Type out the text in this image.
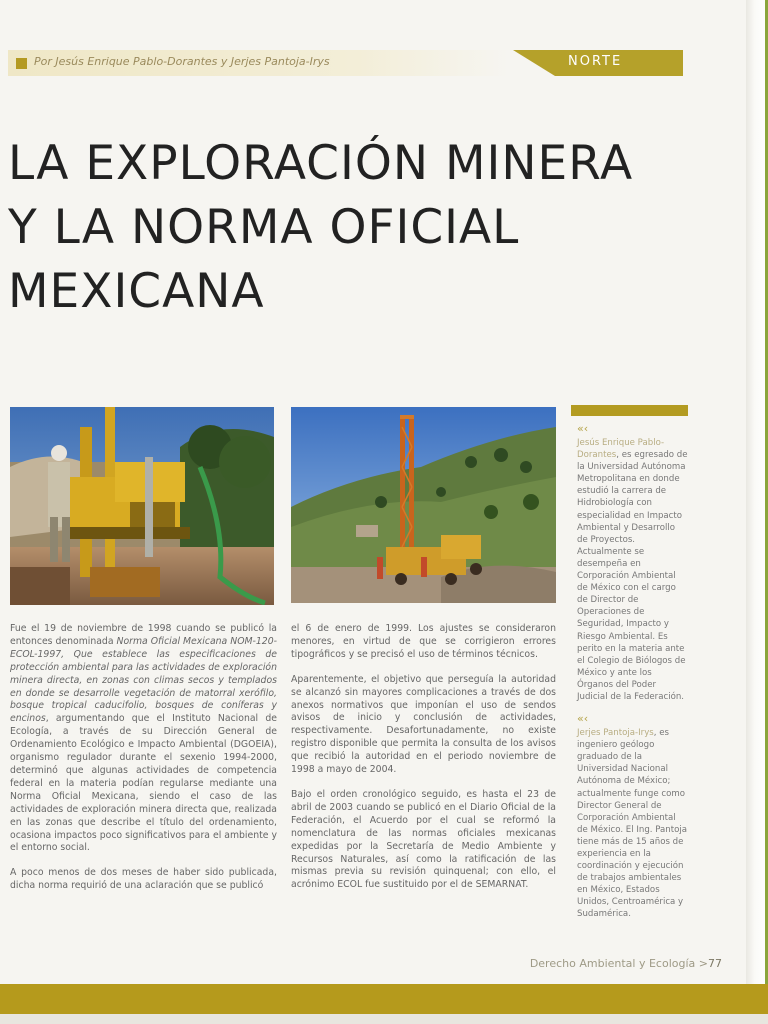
Por Jesús Enrique Pablo-Dorantes y Jerjes Pantoja-Irys	NORTE
LA EXPLORACIÓN MINERA
Y LA NORMA OFICIAL
MEXICANA

Fue el 19 de noviembre de 1998 cuando se publicó la entonces denominada Norma Oficial Mexicana NOM-120-ECOL-1997, Que establece las especificaciones de protección ambiental para las actividades de exploración minera directa, en zonas con climas secos y templados en donde se desarrolle vegetación de matorral xerófilo, bosque tropical caducifolio, bosques de coníferas y encinos, argumentando que el Instituto Nacional de Ecología, a través de su Dirección General de Ordenamiento Ecológico e Impacto Ambiental (DGOEIA), organismo regulador durante el sexenio 1994-2000, determinó que algunas actividades de competencia federal en la materia podían regularse mediante una Norma Oficial Mexicana, siendo el caso de las actividades de exploración minera directa que, realizada en las zonas que describe el título del ordenamiento, ocasiona impactos poco significativos para el ambiente y el entorno social.

A poco menos de dos meses de haber sido publicada, dicha norma requirió de una aclaración que se publicó

el 6 de enero de 1999. Los ajustes se consideraron menores, en virtud de que se corrigieron errores tipográficos y se precisó el uso de términos técnicos.

Aparentemente, el objetivo que perseguía la autoridad se alcanzó sin mayores complicaciones a través de dos anexos normativos que imponían el uso de sendos avisos de inicio y conclusión de actividades, respectivamente. Desafortunadamente, no existe registro disponible que permita la consulta de los avisos que recibió la autoridad en el periodo noviembre de 1998 a mayo de 2004.

Bajo el orden cronológico seguido, es hasta el 23 de abril de 2003 cuando se publicó en el Diario Oficial de la Federación, el Acuerdo por el cual se reformó la nomenclatura de las normas oficiales mexicanas expedidas por la Secretaría de Medio Ambiente y Recursos Naturales, así como la ratificación de las mismas previa su revisión quinquenal; con ello, el acrónimo ECOL fue sustituido por el de SEMARNAT.

«‹

Jesús Enrique Pablo-Dorantes, es egresado de la Universidad Autónoma Metropolitana en donde estudió la carrera de Hidrobiología con especialidad en Impacto Ambiental y Desarrollo de Proyectos. Actualmente se desempeña en Corporación Ambiental de México con el cargo de Director de Operaciones de Seguridad, Impacto y Riesgo Ambiental. Es perito en la materia ante el Colegio de Biólogos de México y ante los Órganos del Poder Judicial de la Federación.

«‹

Jerjes Pantoja-Irys, es ingeniero geólogo graduado de la Universidad Nacional Autónoma de México; actualmente funge como Director General de Corporación Ambiental de México. El Ing. Pantoja tiene más de 15 años de experiencia en la coordinación y ejecución de trabajos ambientales en México, Estados Unidos, Centroamérica y Sudamérica.

Derecho Ambiental y Ecología >77
